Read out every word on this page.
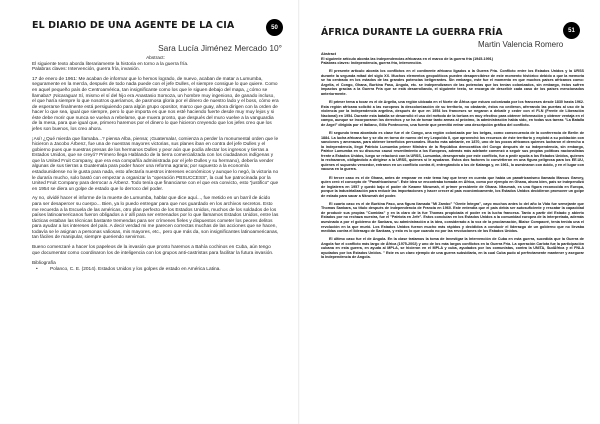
EL DIARIO DE UNA AGENTE DE LA CIA	50
Sara Lucía Jiménez Mercado 10°

Abstract:

El siguiente texto aborda literariamente la historia en torno a la guerra fría.

Palabras claves: Intervención, guerra fría, invasión.

17 de enero de 1961: Me acaban de informar que lo hemos logrado, de nuevo, acaban de matar a Lumumba, seguramente en la mercla, después de todo nada puede con el jefe Dulles, el siempre consigue lo que quiere. Como en aquel pequeño país de Centroamérica, tan insignificante como los que le siguen debajo del mapa, ¿cómo se llamaba? ¡Nicaragua! Sí, mismo el sí del hijo era Anastasio Somoza, un hombre muy ingenioso, de ganado incluso, el que haría siempre lo que nosotros queríamos, de pasmosa gloria por el dinero de nuestro lado y el boss, cómo era de esperarse finalmente está persiguiendo para algún grupo opositor, marco que guay, ahora dirigen con la orden de hacer lo que sea, igual que siempre, pero lo que importa es que nos esté haciendo fuerte desde muy muy lejos y si éste debe morir que nunca se vuelva a rebelarse, que muera pronto, que después del muro vuelve a la vanguardia de la mesa, para que igual que, primero haremos por el dinero lo que hicieron creyendo que los jefes creo que los jefes son buenos, los creo ahora.

¡Así! ¿Qué mierda que llamaba...? piensa Alba, piensa; ¡Guatemala!, comienza a perder la monumental orden que le hicieron a Jacobo Árbenz, fue una de nuestras mayores victorias, sus planes iban en contra del jefe Dulles y el gobierno pues que nuestras presas de los hermanos Dulles y peor aún que podía afectar los ingresos y tierras a Estados Unidos, que se creyó? Primero llega Hablando de la tierra comercializada con los ciudadanos indígenas y que la United Fruit Company, que era esa compañía administrada por el jefe Dulles y su hermano), debería vender algunas de sus tierras a Guatemala para poder hacer una reforma agraria; por supuesto a la economía estadounidense no le gusta para nada, esto afectaría nuestros intereses económicos y aunque lo negó, la victoria no le duraría mucho, solo bastó con empezar a organizar la "operación PBSUCCESS", la cual fue patrocinada por la United Fruit Company para derrocar a Árbenz. Todo tenía que financiarse con el que era convicto, esto "justifico" que en 1954 se diera un golpe de estado que lo derroco del poder.

Ay no, olvidé hacer el informe de la muerte de Lumumba, hablar que dice aquí..., fue metido en un barril de ácido para ser desapercer su cuerpo... Bien, ya lo puedo entregar para que nos guardado en los archivos secretos. Esto me recuerda a la Escuela de las américas, otro plan perfecto de los Estados Unidos, muchos de los soldados de los países latinoamericanos fueron obligados a ir allí para ser entrenados por lo que llamamos Estados Unidos, entre las tácticas estaban las técnicas bastante tremendas para ser crímenes fíeles y dispuestos cometer los peores delitos para ayudar a los intereses del país. A decir verdad mi me parecen correctas muchas de las acciones que se hacen, todavía se le asignan a personas valiosas, mis mayores, etc., pero que más da, son insignificantes latinoamericanas, tan fáciles de manipular, siempre queriendo servirnos.

Bueno comenzaré a hacer los papeleos de la invasión que pronto haremos a Bahía cochinos en Cuba, aún tengo que documentar como coordinaron los de inteligencia con los grupos anti-castristas para facilitar la futura invasión.

Bibliografía

•	Polanco, C. E. (2014). Estados Unidos y los golpes de estado en América Latina.

51
ÁFRICA DURANTE LA GUERRA FRÍA
Martin Valencia Romero

Abstract

El siguiente artículo aborda las independencias africanas en el marco de la guerra fría (1945-1991)

Palabras claves: Independencia, guerra fría, intervención.

El presente artículo aborda los conflictos en el continente africano ligados a la Guerra Fría. Conflicto entre los Estados Unidos y la URSS durante la segunda mitad del siglo XX. Muchos elementos geopolíticos pueden desapercibirse de este momento histórico debido a que la memoria se ha centrado en los estados de las grandes potencias beligerantes. Sin embargo, este fue el momento en que muchos países africanos como: Argelia, el Congo, Ghana, Burkina Faso, Angola, etc. se independizaron de las potencias que los tenían colonizados, sin embargo, éstos sufren impactos gracias a la Guerra Fría que se está desarrollando, el siguiente texto, se encarga de describir cada caso de los países mencionados anteriormente.

El primer tema a tocar es el de Argelia, una región ubicada en el Norte de África que estuvo colonizada por los franceses desde 1830 hasta 1962. Esta región africana solicitó a las europeos la descolonización de su territorio, no obstante, éstos no cedieron, aferrando las puertas al uso de la violencia por la independencia argelina, después de que en 1954 los franceses se negaron a debatir y ceder con el FLN (Frente de Liberación Nacional) en 1954. Durante esta batalla se desarrolló el uso del método de la tortura en muy efectivo para obtener información y obtener ventaja en el campo, aunque se incorporaron los derechos y se ha de tomar tanto armas al próximo, la administración había sido, en todas sus tareas "La Batalla de Argel" dirigida por el italiano, Gillo Pontecorvo, una fuente que permitió entrar una descripción gráfica del conflicto.

El segundo tema abordado es clase fue el de Congo, una región colonizada por los belgas, como consecuencia de la conferencia de Berlín de 1884. La lucha africana fue y se dio en torno de nuevo del rey Leopoldo II, que aprovechó los recursos de éste territorio y explotó a su población con sanciones y amenazas, para obtener beneficios personales. Mucho más adelante, en 1870, uno de los pocos africanos quienes lucharon el derecho a la independencia, llegó Patricio Lumumba primer Ministro de la República democrática del Congo después de su independencia, sin embargo, Patrice Lumumba en su discurso causó resentimiento a los Europeos, además más adelante comenzó a seguir sus propias políticas nacionalistas frente a Estados Unidos, luego se relacionó con la URSS, Lumumba, desesperado por este conflicto, fue a pedir ayuda a los Estados Unidos, quienes la rechazaron, obligándolo a dirigirse a la URSS, quienes sí le ayudaron. Estos dos factores lo convirtieron en una figura peligrosa para los EE.UU, quienes el supuesto vencedor, entraron en un conflicto contra él, entregándolo a los de Katanga y, en 1961, lo asesinaron con ácido, y en el lugar con vacuna en la guerra.

El tercer caso es el de Ghana, antes de empezar en este tema hay que tener en cuenta que había un panafricanismo llamado Marcus Garvey, quien creó el concepto de "Panafricanismo". Este idea se encontraba tomada en África, como por ejemplo en Ghana, ahora bien, país se independizó de Inglaterra en 1957 y quedó bajo el poder de Kwame Nkrumah, el primer presidente de Ghana. Nkrumah, es una figura reconocida en Europa, porque la industrialización para reducir las importaciones y hacer crecer al país económicamente, los Estados Unidos decidieron promover un golpe de estado para sacar a Nkrumah del poder.

El cuarto caso es el de Burkina Faso, una figura llamada "Mi Zambo" "Gente Íntegra", cayo muchos antes lo del año la Vida fue semejante que Thomas Sankara, su título después de independencia de Francia en 1960. Este entendía que el país debía ser autosuficiente y rescatar la capacidad de producir sus propias "Comidas" y en la claro de la fue Thomas propiciada el poder en la lucha francesa. Tanto a partir del Estado y abierto Estados por no rechaza nuestra, fue el "Patriota en Jefe". Estos concluían en los Estados Unidos a la comunidad europea de la interpretada, además asesinado a por el gobierno de Sankara, su administración a la idea, considerado a la voz de la proclamación, Blaise Compaoré, tenía tenida una el revolución en la que murió. Los Estados Unidos fueron mucho más rápidos y decididos a conducir el liderazgo de un gobierno que no llevaba medidas contra el liderazgo de Sankara, y esto es lo que cuando no por las revoluciones de los Estados Unidos.

El último caso fue el de Angola. En la clase tratamos la toma de Investigar la Intervención de Cuba en esta guerra, sucedida que la Guerra de Angola fue el conflicto más largo de África (1975-2002) y uno de los más largos conflictos en la Guerra Fría. La operación Carlota fue la participación cubana en esta guerra, en ayuda al MPLA, se hicieron en el MPLA y cuba, ayudados por los comunistas, contra la UNITA, SudÁfrica y el FNLA ayudados por los Estados Unidos. " Este es un claro ejemplo de una guerra subsidiaria, en la cual Cuba pudo al perfectamente mantener y asegurar la Independencia de Angola.
